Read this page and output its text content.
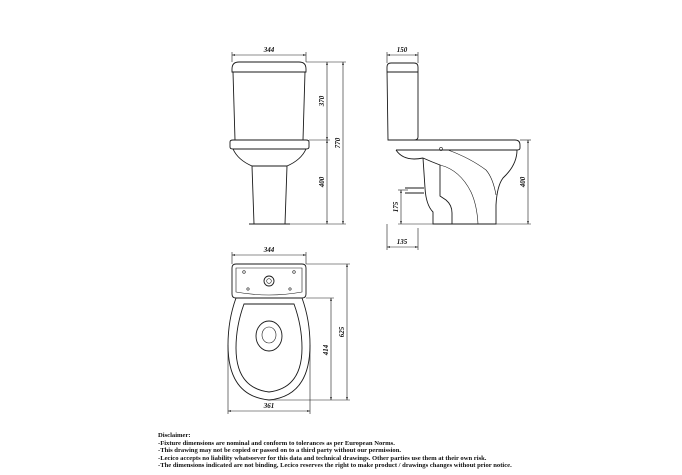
344
370
400
770
150
400
175
135
344
414
625
361
Disclaimer:
-Fixture dimensions are nominal and conform to tolerances as per European Norms.
-This drawing may not be copied or passed on to a third party without our permission.
-Lecico accepts no liability whatsoever for this data and technical drawings. Other parties use them at their own risk.
-The dimensions indicated are not binding, Lecico reserves the right to make product / drawings changes without prior notice.
